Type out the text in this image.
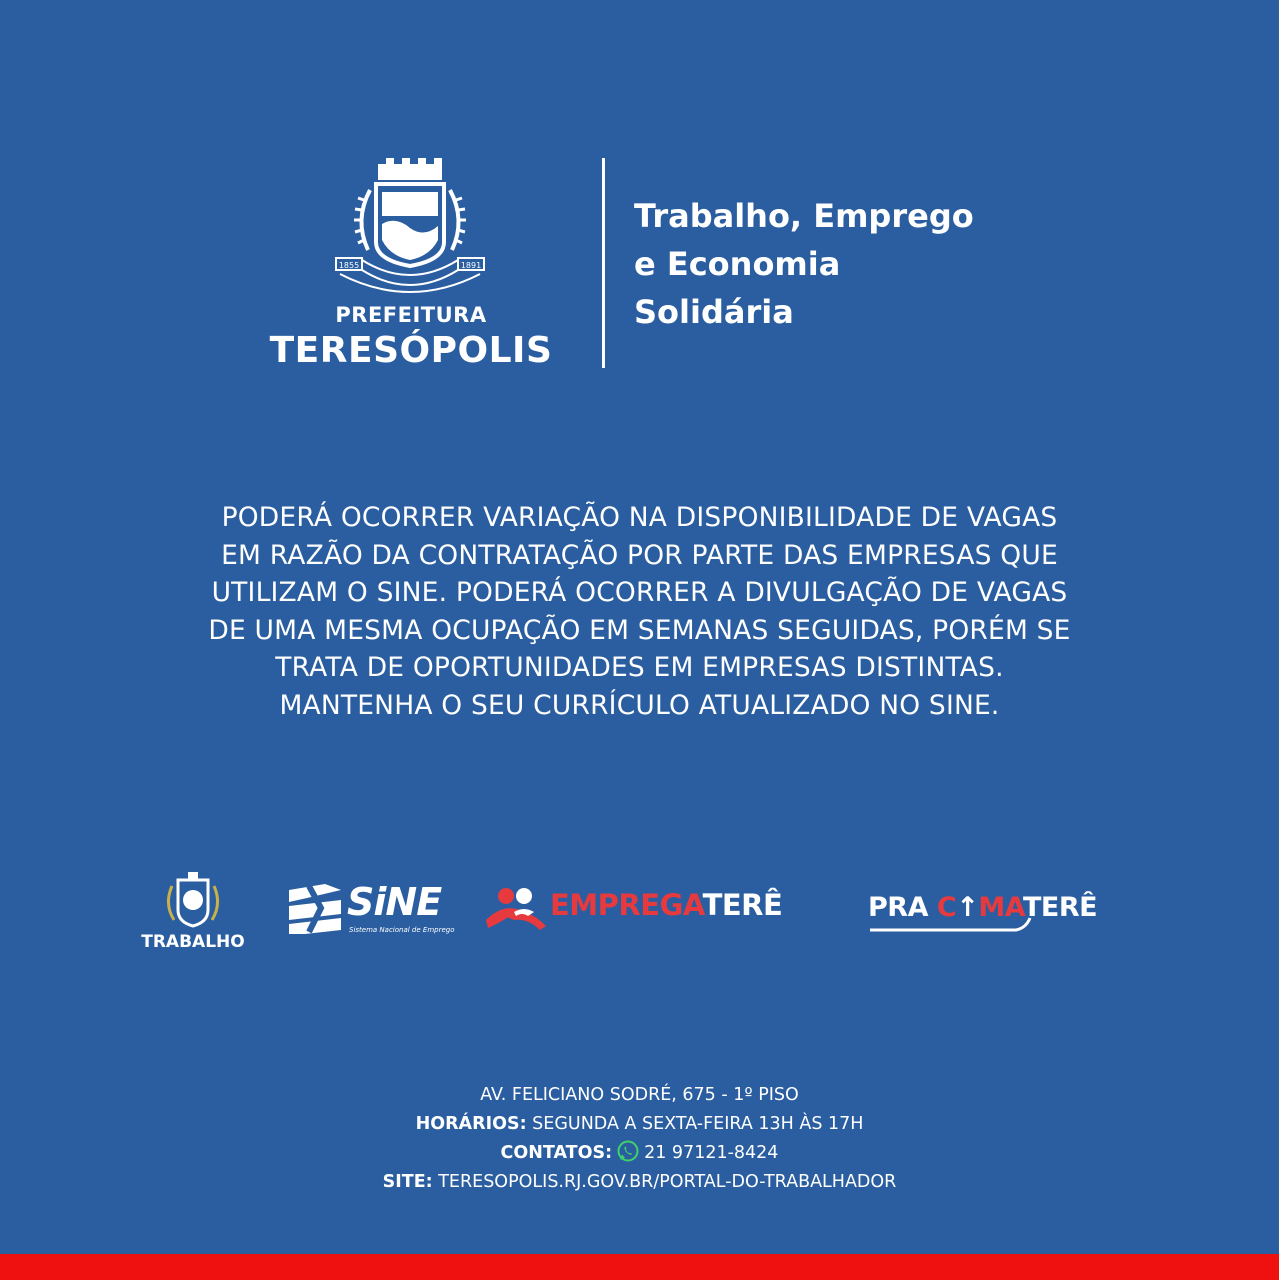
1855	1891
PREFEITURA
TERESÓPOLIS
Trabalho, Emprego
e Economia
Solidária
PODERÁ OCORRER VARIAÇÃO NA DISPONIBILIDADE DE VAGAS
EM RAZÃO DA CONTRATAÇÃO POR PARTE DAS EMPRESAS QUE
UTILIZAM O SINE. PODERÁ OCORRER A DIVULGAÇÃO DE VAGAS
DE UMA MESMA OCUPAÇÃO EM SEMANAS SEGUIDAS, PORÉM SE
TRATA DE OPORTUNIDADES EM EMPRESAS DISTINTAS.
MANTENHA O SEU CURRÍCULO ATUALIZADO NO SINE.
TRABALHO
SiNE
Sistema Nacional de Emprego
EMPREGATERÊ	PRA C↑MATERÊ
AV. FELICIANO SODRÉ, 675 - 1º PISO
HORÁRIOS: SEGUNDA A SEXTA-FEIRA 13H ÀS 17H
CONTATOS: 21 97121-8424
SITE: TERESOPOLIS.RJ.GOV.BR/PORTAL-DO-TRABALHADOR
